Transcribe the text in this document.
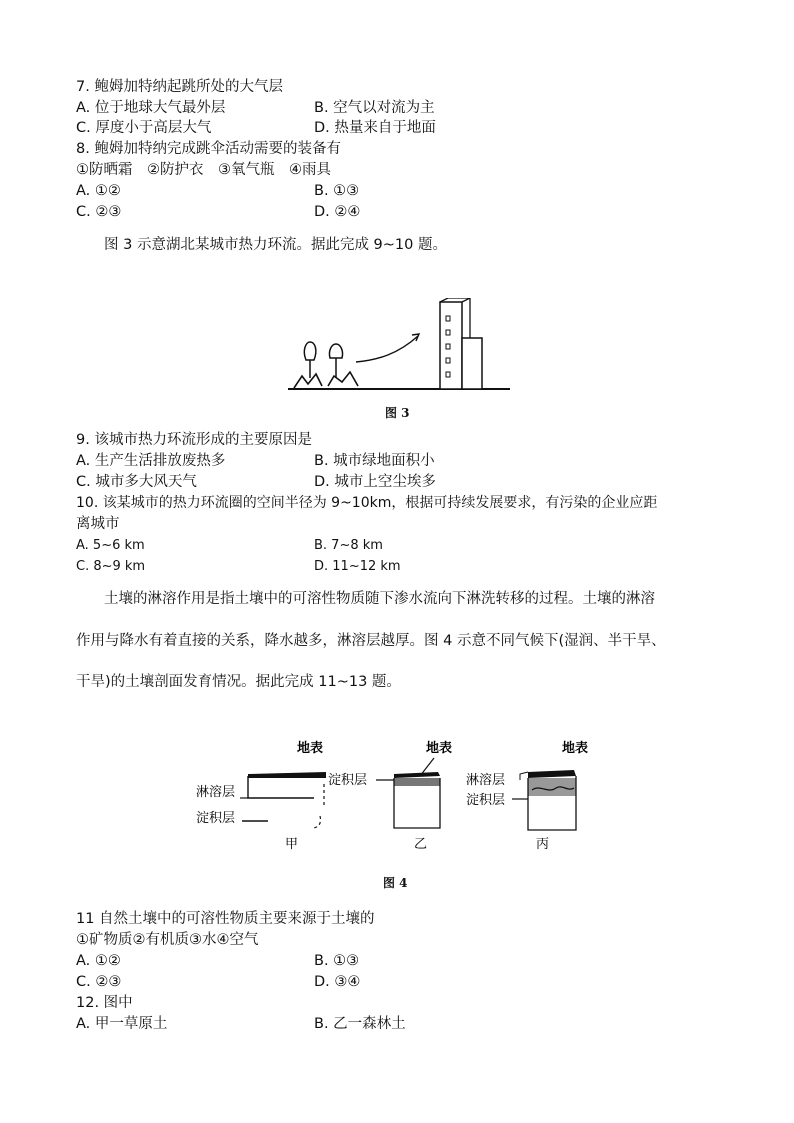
7. 鲍姆加特纳起跳所处的大气层
A. 位于地球大气最外层	B. 空气以对流为主
C. 厚度小于高层大气	D. 热量来自于地面
8. 鲍姆加特纳完成跳伞活动需要的装备有
①防晒霜　②防护衣　③氧气瓶　④雨具
A. ①②	B. ①③
C. ②③	D. ②④
图 3 示意湖北某城市热力环流。据此完成 9~10 题。
图 3
9. 该城市热力环流形成的主要原因是
A. 生产生活排放废热多	B. 城市绿地面积小
C. 城市多大风天气	D. 城市上空尘埃多
10. 该某城市的热力环流圈的空间半径为 9~10km，根据可持续发展要求，有污染的企业应距
离城市
A. 5~6 km	B. 7~8 km
C. 8~9 km	D. 11~12 km
土壤的淋溶作用是指土壤中的可溶性物质随下渗水流向下淋洗转移的过程。土壤的淋溶
作用与降水有着直接的关系，降水越多，淋溶层越厚。图 4 示意不同气候下(湿润、半干旱、
干旱)的土壤剖面发育情况。据此完成 11~13 题。
地表
淋溶层
淀积层
甲
地表
淀积层
乙
地表
淋溶层
淀积层
丙
图 4
11 自然土壤中的可溶性物质主要来源于土壤的
①矿物质②有机质③水④空气
A. ①②	B. ①③
C. ②③	D. ③④
12. 图中
A. 甲一草原土	B. 乙一森林土
